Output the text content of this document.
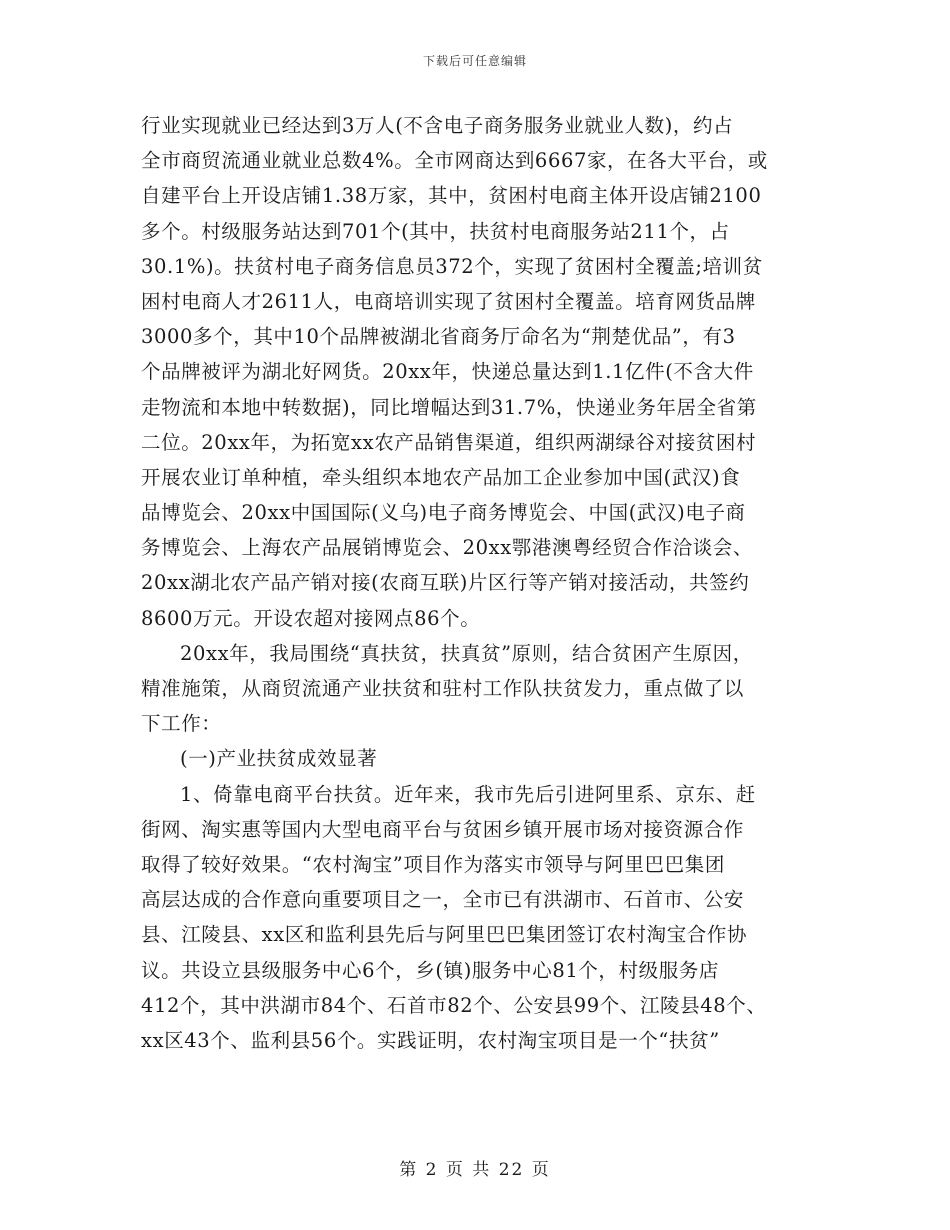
下载后可任意编辑
行业实现就业已经达到3万人(不含电子商务服务业就业人数)，约占
全市商贸流通业就业总数4%。全市网商达到6667家，在各大平台，或
自建平台上开设店铺1.38万家，其中，贫困村电商主体开设店铺2100
多个。村级服务站达到701个(其中，扶贫村电商服务站211个，占
30.1%)。扶贫村电子商务信息员372个，实现了贫困村全覆盖;培训贫
困村电商人才2611人，电商培训实现了贫困村全覆盖。培育网货品牌
3000多个，其中10个品牌被湖北省商务厅命名为“荆楚优品”，有3
个品牌被评为湖北好网货。20xx年，快递总量达到1.1亿件(不含大件
走物流和本地中转数据)，同比增幅达到31.7%，快递业务年居全省第
二位。20xx年，为拓宽xx农产品销售渠道，组织两湖绿谷对接贫困村
开展农业订单种植，牵头组织本地农产品加工企业参加中国(武汉)食
品博览会、20xx中国国际(义乌)电子商务博览会、中国(武汉)电子商
务博览会、上海农产品展销博览会、20xx鄂港澳粤经贸合作洽谈会、
20xx湖北农产品产销对接(农商互联)片区行等产销对接活动，共签约
8600万元。开设农超对接网点86个。
20xx年，我局围绕“真扶贫，扶真贫”原则，结合贫困产生原因，
精准施策，从商贸流通产业扶贫和驻村工作队扶贫发力，重点做了以
下工作：
(一)产业扶贫成效显著
1、倚靠电商平台扶贫。近年来，我市先后引进阿里系、京东、赶
街网、淘实惠等国内大型电商平台与贫困乡镇开展市场对接资源合作
取得了较好效果。“农村淘宝”项目作为落实市领导与阿里巴巴集团
高层达成的合作意向重要项目之一，全市已有洪湖市、石首市、公安
县、江陵县、xx区和监利县先后与阿里巴巴集团签订农村淘宝合作协
议。共设立县级服务中心6个，乡(镇)服务中心81个，村级服务店
412个，其中洪湖市84个、石首市82个、公安县99个、江陵县48个、
xx区43个、监利县56个。实践证明，农村淘宝项目是一个“扶贫”
第 2 页 共 22 页
